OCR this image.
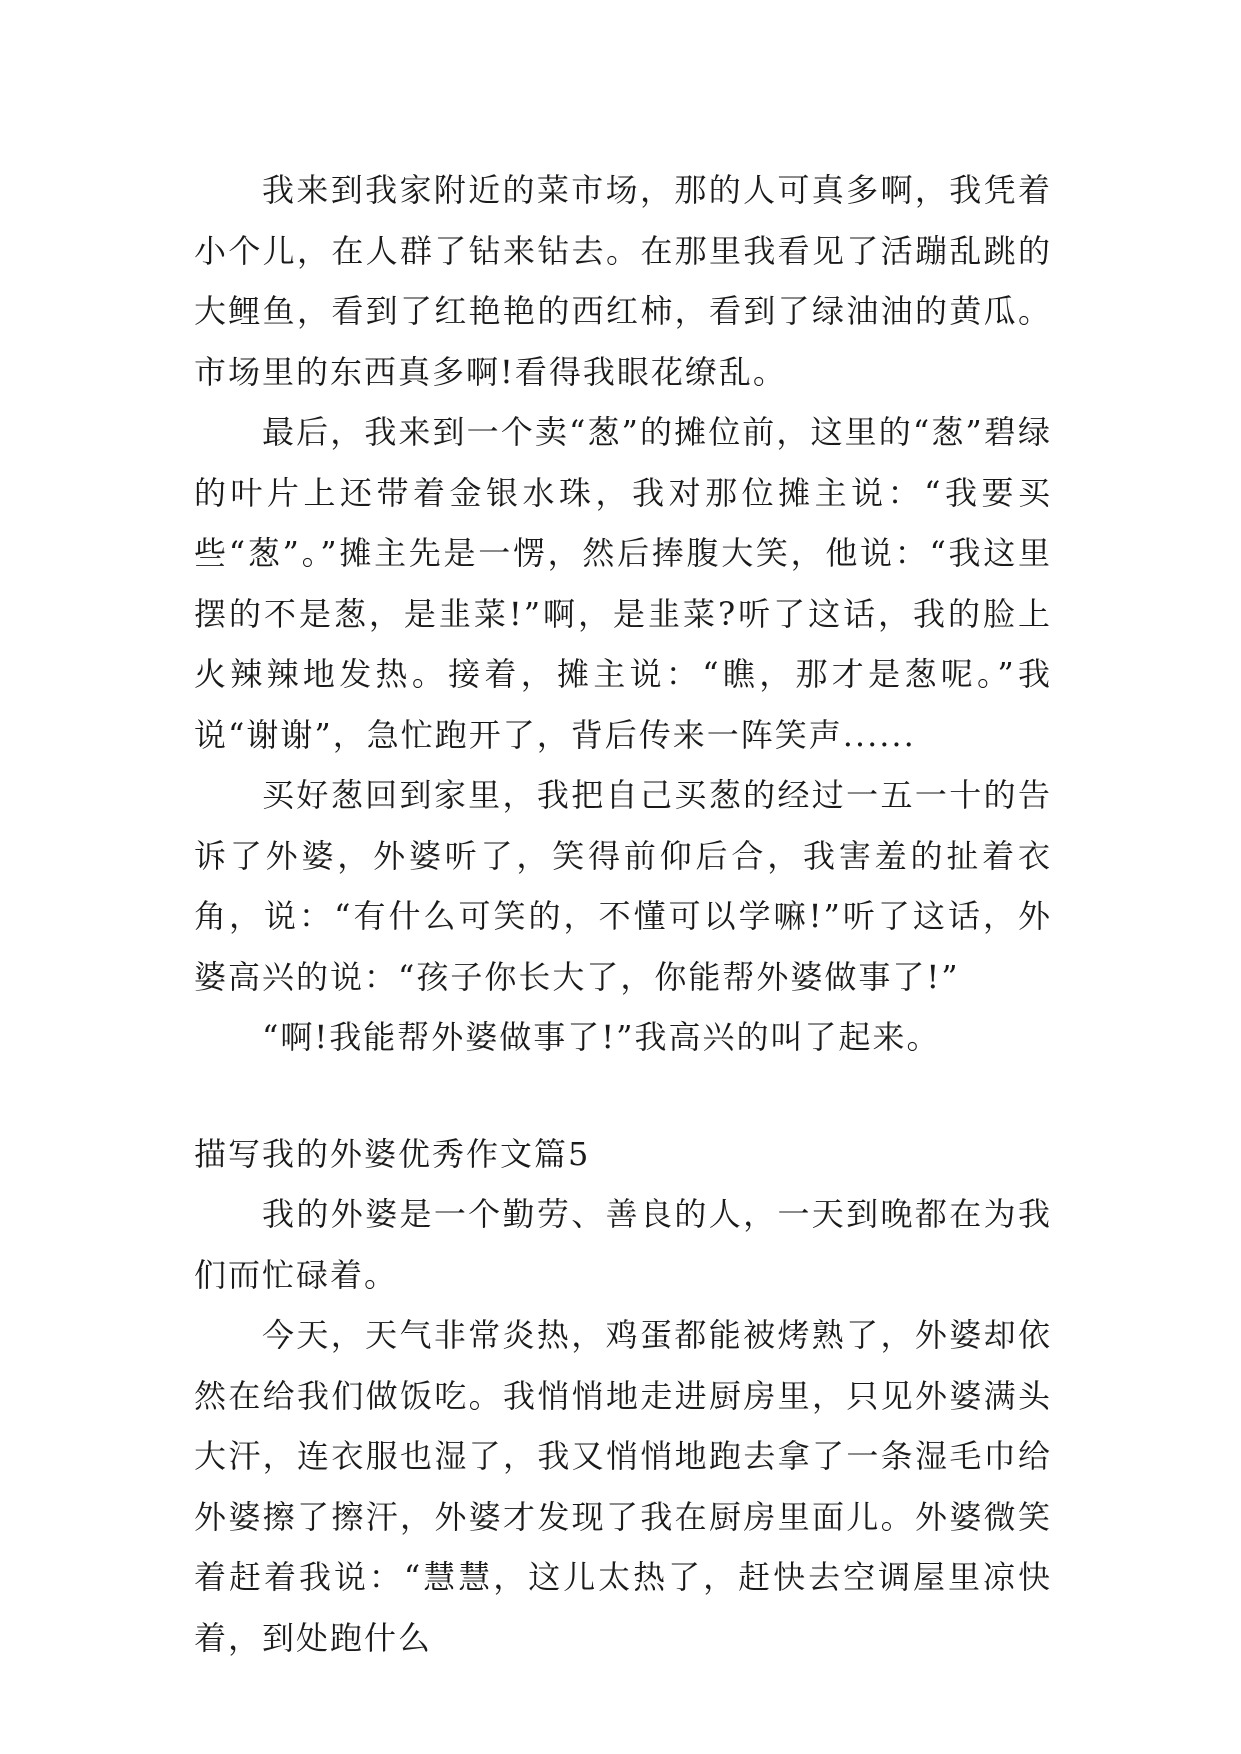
我来到我家附近的菜市场，那的人可真多啊，我凭着小个儿，在人群了钻来钻去。在那里我看见了活蹦乱跳的大鲤鱼，看到了红艳艳的西红柿，看到了绿油油的黄瓜。市场里的东西真多啊!看得我眼花缭乱。

最后，我来到一个卖“葱”的摊位前，这里的“葱”碧绿的叶片上还带着金银水珠，我对那位摊主说：“我要买些“葱”。”摊主先是一愣，然后捧腹大笑，他说：“我这里摆的不是葱，是韭菜!”啊，是韭菜?听了这话，我的脸上火辣辣地发热。接着，摊主说：“瞧，那才是葱呢。”我说“谢谢”，急忙跑开了，背后传来一阵笑声......

买好葱回到家里，我把自己买葱的经过一五一十的告诉了外婆，外婆听了，笑得前仰后合，我害羞的扯着衣角，说：“有什么可笑的，不懂可以学嘛!”听了这话，外婆高兴的说：“孩子你长大了，你能帮外婆做事了!”

“啊!我能帮外婆做事了!”我高兴的叫了起来。

描写我的外婆优秀作文篇5

我的外婆是一个勤劳、善良的人，一天到晚都在为我们而忙碌着。

今天，天气非常炎热，鸡蛋都能被烤熟了，外婆却依然在给我们做饭吃。我悄悄地走进厨房里，只见外婆满头大汗，连衣服也湿了，我又悄悄地跑去拿了一条湿毛巾给外婆擦了擦汗，外婆才发现了我在厨房里面儿。外婆微笑着赶着我说：“慧慧，这儿太热了，赶快去空调屋里凉快着，到处跑什么
